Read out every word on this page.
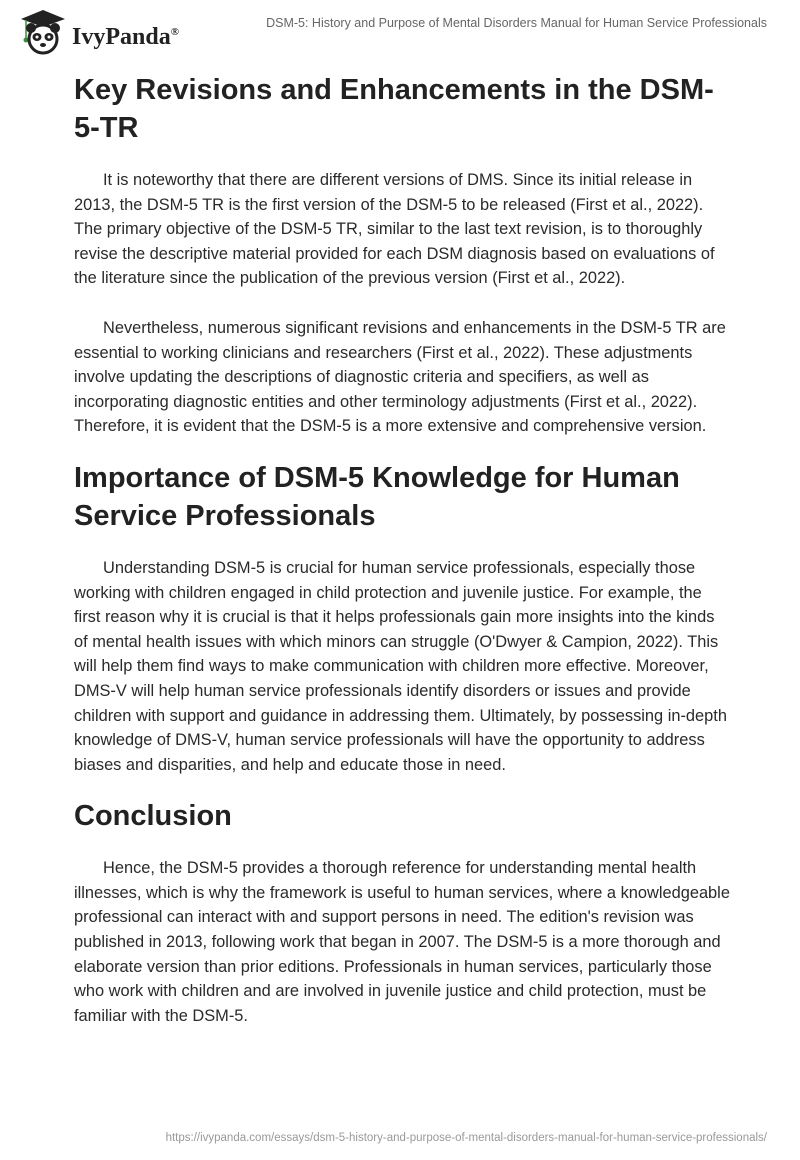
IvyPanda®
DSM-5: History and Purpose of Mental Disorders Manual for Human Service Professionals
Key Revisions and Enhancements in the DSM-5-TR

It is noteworthy that there are different versions of DMS. Since its initial release in 2013, the DSM-5 TR is the first version of the DSM-5 to be released (First et al., 2022). The primary objective of the DSM-5 TR, similar to the last text revision, is to thoroughly revise the descriptive material provided for each DSM diagnosis based on evaluations of the literature since the publication of the previous version (First et al., 2022).

Nevertheless, numerous significant revisions and enhancements in the DSM-5 TR are essential to working clinicians and researchers (First et al., 2022). These adjustments involve updating the descriptions of diagnostic criteria and specifiers, as well as incorporating diagnostic entities and other terminology adjustments (First et al., 2022). Therefore, it is evident that the DSM-5 is a more extensive and comprehensive version.

Importance of DSM-5 Knowledge for Human Service Professionals

Understanding DSM-5 is crucial for human service professionals, especially those working with children engaged in child protection and juvenile justice. For example, the first reason why it is crucial is that it helps professionals gain more insights into the kinds of mental health issues with which minors can struggle (O'Dwyer & Campion, 2022). This will help them find ways to make communication with children more effective. Moreover, DMS-V will help human service professionals identify disorders or issues and provide children with support and guidance in addressing them. Ultimately, by possessing in-depth knowledge of DMS-V, human service professionals will have the opportunity to address biases and disparities, and help and educate those in need.

Conclusion

Hence, the DSM-5 provides a thorough reference for understanding mental health illnesses, which is why the framework is useful to human services, where a knowledgeable professional can interact with and support persons in need. The edition's revision was published in 2013, following work that began in 2007. The DSM-5 is a more thorough and elaborate version than prior editions. Professionals in human services, particularly those who work with children and are involved in juvenile justice and child protection, must be familiar with the DSM-5.

https://ivypanda.com/essays/dsm-5-history-and-purpose-of-mental-disorders-manual-for-human-service-professionals/
